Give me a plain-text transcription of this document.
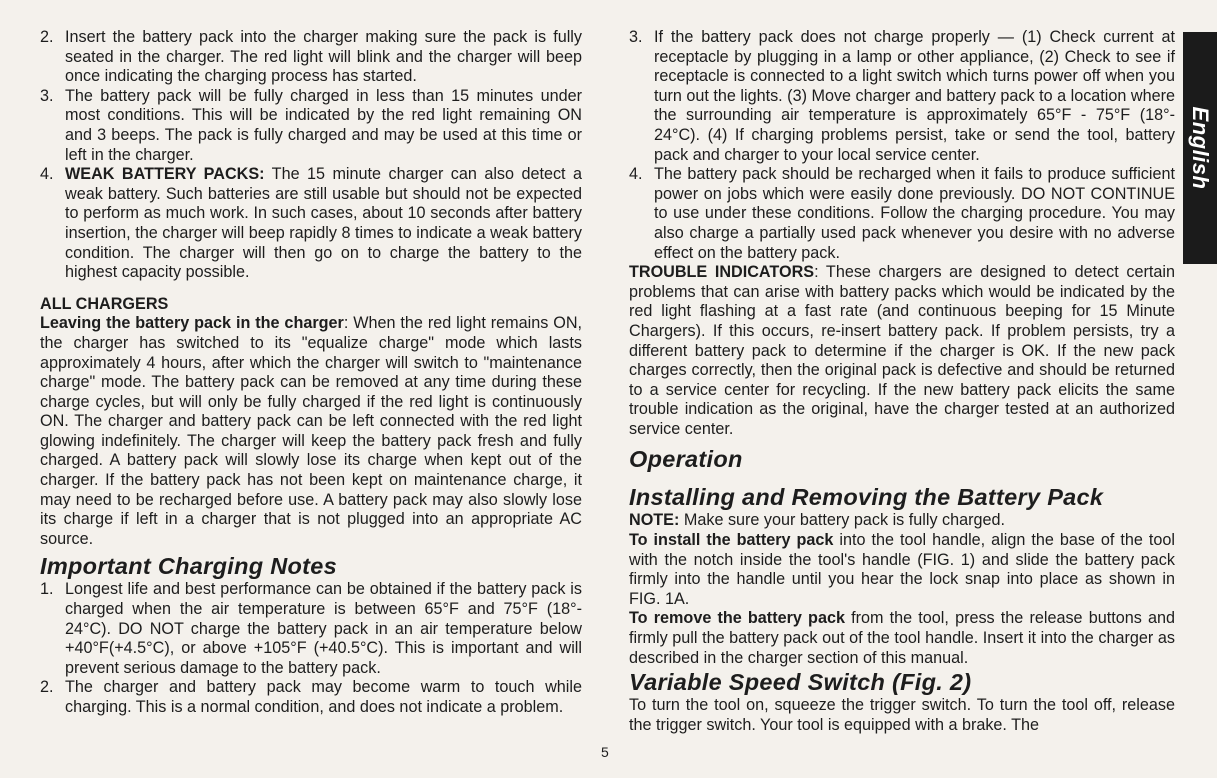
2. Insert the battery pack into the charger making sure the pack is fully seated in the charger. The red light will blink and the charger will beep once indicating the charging process has started.
3. The battery pack will be fully charged in less than 15 minutes under most conditions. This will be indicated by the red light remaining ON and 3 beeps. The pack is fully charged and may be used at this time or left in the charger.
4. WEAK BATTERY PACKS: The 15 minute charger can also detect a weak battery. Such batteries are still usable but should not be expected to perform as much work. In such cases, about 10 seconds after battery insertion, the charger will beep rapidly 8 times to indicate a weak battery condition. The charger will then go on to charge the battery to the highest capacity possible.

ALL CHARGERS

Leaving the battery pack in the charger: When the red light remains ON, the charger has switched to its "equalize charge" mode which lasts approximately 4 hours, after which the charger will switch to "maintenance charge" mode. The battery pack can be removed at any time during these charge cycles, but will only be fully charged if the red light is continuously ON. The charger and battery pack can be left connected with the red light glowing indefinitely. The charger will keep the battery pack fresh and fully charged. A battery pack will slowly lose its charge when kept out of the charger. If the battery pack has not been kept on maintenance charge, it may need to be recharged before use. A battery pack may also slowly lose its charge if left in a charger that is not plugged into an appropriate AC source.

Important Charging Notes
1. Longest life and best performance can be obtained if the battery pack is charged when the air temperature is between 65°F and 75°F (18°- 24°C). DO NOT charge the battery pack in an air temperature below +40°F(+4.5°C), or above +105°F (+40.5°C). This is important and will prevent serious damage to the battery pack.
2. The charger and battery pack may become warm to touch while charging. This is a normal condition, and does not indicate a problem.
3. If the battery pack does not charge properly — (1) Check current at receptacle by plugging in a lamp or other appliance, (2) Check to see if receptacle is connected to a light switch which turns power off when you turn out the lights. (3) Move charger and battery pack to a location where the surrounding air temperature is approximately 65°F - 75°F (18°- 24°C). (4) If charging problems persist, take or send the tool, battery pack and charger to your local service center.
4. The battery pack should be recharged when it fails to produce sufficient power on jobs which were easily done previously. DO NOT CONTINUE to use under these conditions. Follow the charging procedure. You may also charge a partially used pack whenever you desire with no adverse effect on the battery pack.

TROUBLE INDICATORS: These chargers are designed to detect certain problems that can arise with battery packs which would be indicated by the red light flashing at a fast rate (and continuous beeping for 15 Minute Chargers). If this occurs, re-insert battery pack. If problem persists, try a different battery pack to determine if the charger is OK. If the new pack charges correctly, then the original pack is defective and should be returned to a service center for recycling. If the new battery pack elicits the same trouble indication as the original, have the charger tested at an authorized service center.

Operation
Installing and Removing the Battery Pack

NOTE: Make sure your battery pack is fully charged.

To install the battery pack into the tool handle, align the base of the tool with the notch inside the tool's handle (FIG. 1) and slide the battery pack firmly into the handle until you hear the lock snap into place as shown in FIG. 1A.

To remove the battery pack from the tool, press the release buttons and firmly pull the battery pack out of the tool handle. Insert it into the charger as described in the charger section of this manual.

Variable Speed Switch (Fig. 2)

To turn the tool on, squeeze the trigger switch. To turn the tool off, release the trigger switch. Your tool is equipped with a brake. The

5
English
